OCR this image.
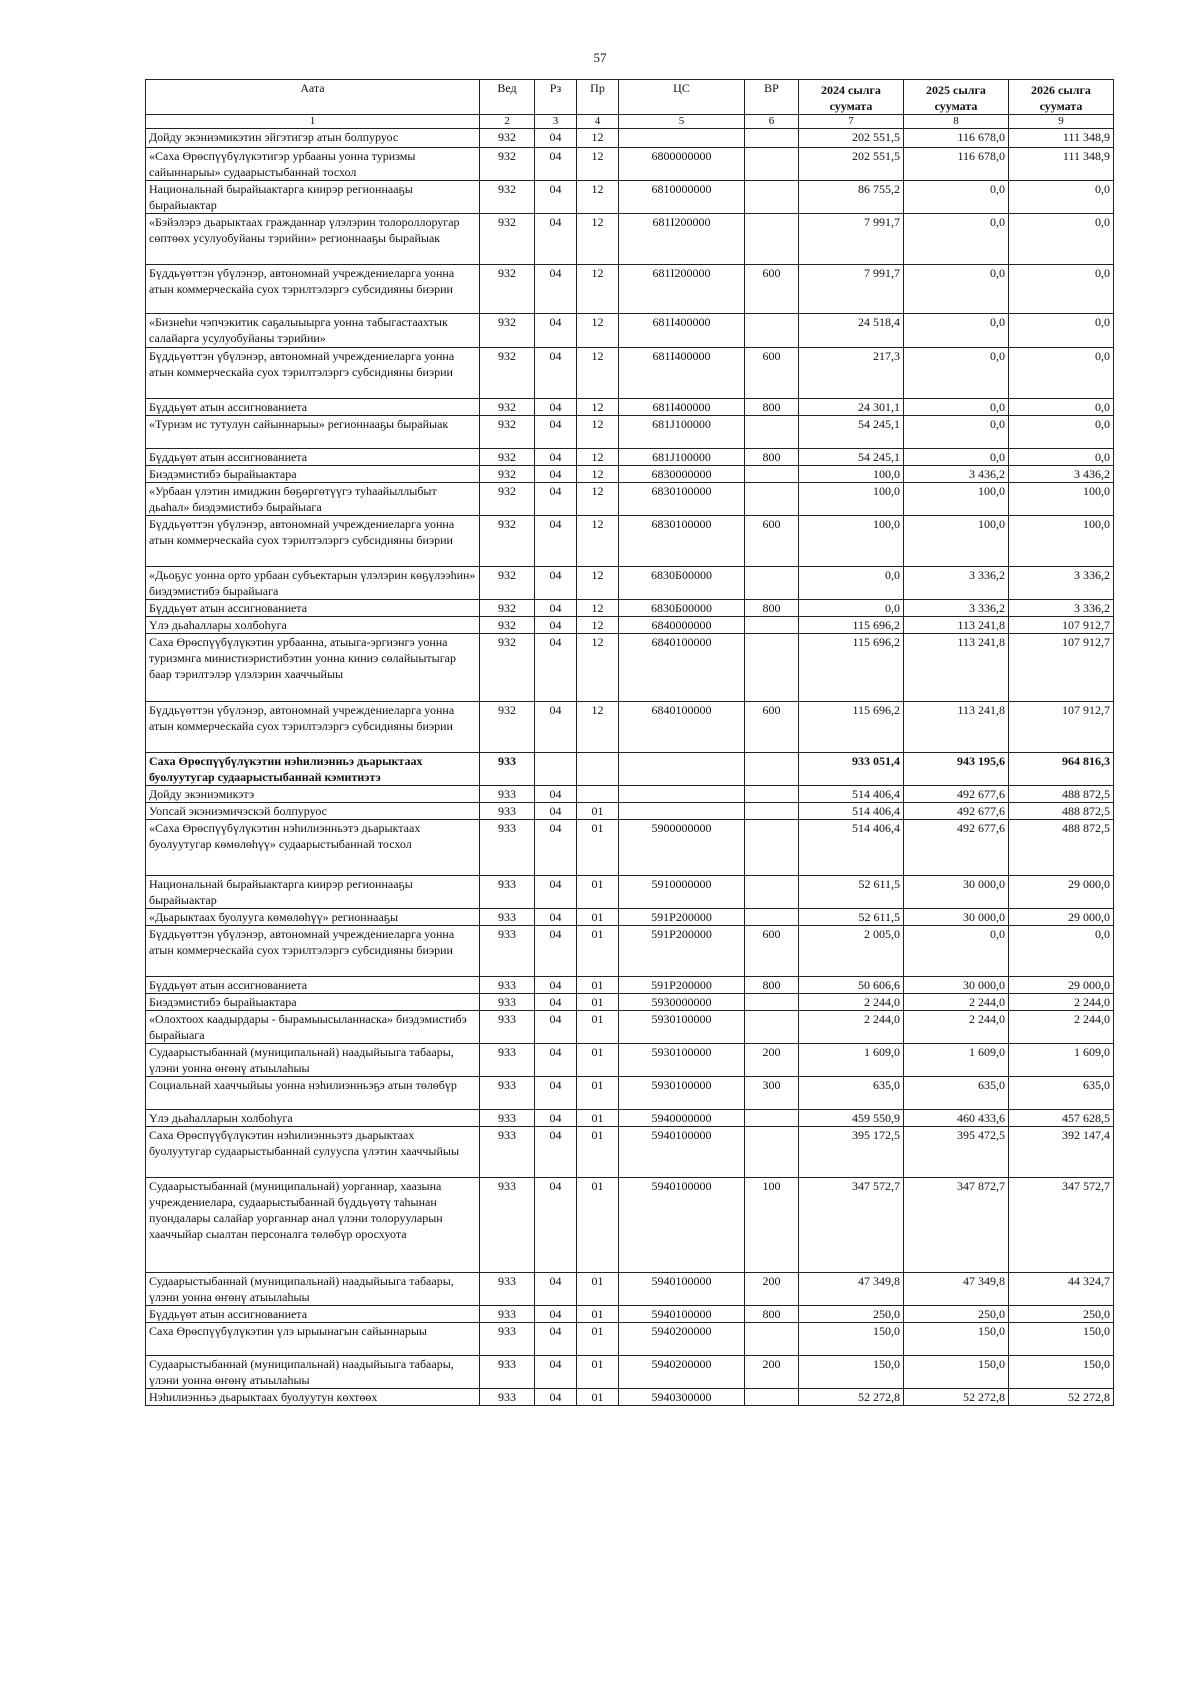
57
Аата	Вед	Рз	Пр	ЦС	ВР	2024 сылга суумата	2025 сылга суумата	2026 сылга суумата
1	2	3	4	5	6	7	8	9
Дойду экэниэмикэтин эйгэтигэр атын болпуруос	932	04	12			202 551,5	116 678,0	111 348,9
«Саха Өрөспүүбүлүкэтигэр урбааны уонна туризмы сайыннарыы» судаарыстыбаннай тосхол	932	04	12	6800000000		202 551,5	116 678,0	111 348,9
Национальнай бырайыактарга киирэр регионнааҕы бырайыактар	932	04	12	6810000000		86 755,2	0,0	0,0
«Бэйэлэрэ дьарыктаах гражданнар үлэлэрин толороллоругар сөптөөх усулуобуйаны тэрийии» регионнааҕы бырайыак	932	04	12	681I200000		7 991,7	0,0	0,0
Бүддьүөттэн үбүлэнэр, автономнай учреждениеларга уонна атын коммерческайа суох тэрилтэлэргэ субсидияны биэрии	932	04	12	681I200000	600	7 991,7	0,0	0,0
«Бизнеhи чэпчэкитик саҕалыыырга уонна табыгастаахтык салайарга усулуобуйаны тэрийии»	932	04	12	681I400000		24 518,4	0,0	0,0
Бүддьүөттэн үбүлэнэр, автономнай учреждениеларга уонна атын коммерческайа суох тэрилтэлэргэ субсидияны биэрии	932	04	12	681I400000	600	217,3	0,0	0,0
Бүддьүөт атын ассигнованиета	932	04	12	681I400000	800	24 301,1	0,0	0,0
«Туризм ис тутулун сайыннарыы» регионнааҕы бырайыак	932	04	12	681J100000		54 245,1	0,0	0,0
Бүддьүөт атын ассигнованиета	932	04	12	681J100000	800	54 245,1	0,0	0,0
Биэдэмистибэ бырайыактара	932	04	12	6830000000		100,0	3 436,2	3 436,2
«Урбаан үлэтин имиджин бөҕөргөтүүгэ туhаайыллыбыт дьаhал» биэдэмистибэ бырайыага	932	04	12	6830100000		100,0	100,0	100,0
Бүддьүөттэн үбүлэнэр, автономнай учреждениеларга уонна атын коммерческайа суох тэрилтэлэргэ субсидияны биэрии	932	04	12	6830100000	600	100,0	100,0	100,0
«Дьоҕус уонна орто урбаан субъектарын үлэлэрин көҕүлээhин» биэдэмистибэ бырайыага	932	04	12	6830Б00000		0,0	3 336,2	3 336,2
Бүддьүөт атын ассигнованиета	932	04	12	6830Б00000	800	0,0	3 336,2	3 336,2
Үлэ дьаhаллары хoлбоhуга	932	04	12	6840000000		115 696,2	113 241,8	107 912,7
Саха Өрөспүүбүлүкэтин урбаанна, атыыга-эргиэнгэ уонна туризмнга министиэристибэтин уонна киниэ сөлайыытыгар баар тэрилтэлэр үлэлэрин хааччыйыы	932	04	12	6840100000		115 696,2	113 241,8	107 912,7
Бүддьүөттэн үбүлэнэр, автономнай учреждениеларга уонна атын коммерческайа суох тэрилтэлэргэ субсидияны биэрии	932	04	12	6840100000	600	115 696,2	113 241,8	107 912,7
Саха Өрөспүүбүлүкэтин нэhилиэнньэ дьарыктаах буолуутугар судаарыстыбаннай кэмитиэтэ	933					933 051,4	943 195,6	964 816,3
Дойду экэниэмикэтэ	933	04				514 406,4	492 677,6	488 872,5
Уопсай экэниэмичэскэй болпуруос	933	04	01			514 406,4	492 677,6	488 872,5
«Саха Өрөспүүбүлүкэтин нэhилиэнньэтэ дьарыктаах буолуутугар көмөлөhүү» судаарыстыбаннай тосхол	933	04	01	5900000000		514 406,4	492 677,6	488 872,5
Национальнай бырайыактарга киирэр регионнааҕы бырайыактар	933	04	01	5910000000		52 611,5	30 000,0	29 000,0
«Дьарыктаах буолууга көмөлөhүү» регионнааҕы	933	04	01	591P200000		52 611,5	30 000,0	29 000,0
Бүддьүөттэн үбүлэнэр, автономнай учреждениеларга уонна атын коммерческайа суох тэрилтэлэргэ субсидияны биэрии	933	04	01	591P200000	600	2 005,0	0,0	0,0
Бүддьүөт атын ассигнованиета	933	04	01	591P200000	800	50 606,6	30 000,0	29 000,0
Биэдэмистибэ бырайыактара	933	04	01	5930000000		2 244,0	2 244,0	2 244,0
«Олохтоох каадырдары - бырамыысыланнаска» биэдэмистибэ бырайыага	933	04	01	5930100000		2 244,0	2 244,0	2 244,0
Судаарыстыбаннай (муниципальнай) наадыйыыга табаары, үлэни уонна өҥөнү атыылаhыы	933	04	01	5930100000	200	1 609,0	1 609,0	1 609,0
Социальнай хааччыйыы уонна нэhилиэнньэҕэ атын төлөбүр	933	04	01	5930100000	300	635,0	635,0	635,0
Үлэ дьаhалларын холбоhуга	933	04	01	5940000000		459 550,9	460 433,6	457 628,5
Саха Өрөспүүбүлүкэтин нэhилиэнньэтэ дьарыктаах буолуутугар судаарыстыбаннай сулууспа үлэтин хааччыйыы	933	04	01	5940100000		395 172,5	395 472,5	392 147,4
Судаарыстыбаннай (муниципальнай) уорганнар, хаазына учреждениелара, судаарыстыбаннай бүддьүөтү таhынан пуондалары салайар уорганнар анал үлэни толорууларын хааччыйар сыалтан персоналга төлөбүр оросхуота	933	04	01	5940100000	100	347 572,7	347 872,7	347 572,7
Судаарыстыбаннай (муниципальнай) наадыйыыга табаары, үлэни уонна өҥөнү атыылаhыы	933	04	01	5940100000	200	47 349,8	47 349,8	44 324,7
Бүддьүөт атын ассигнованиета	933	04	01	5940100000	800	250,0	250,0	250,0
Саха Өрөспүүбүлүкэтин үлэ ырыынагын сайыннарыы	933	04	01	5940200000		150,0	150,0	150,0
Судаарыстыбаннай (муниципальнай) наадыйыыга табаары, үлэни уонна өҥөнү атыылаhыы	933	04	01	5940200000	200	150,0	150,0	150,0
Нэhилиэнньэ дьарыктаах буолуутун көхтөөх	933	04	01	5940300000		52 272,8	52 272,8	52 272,8
